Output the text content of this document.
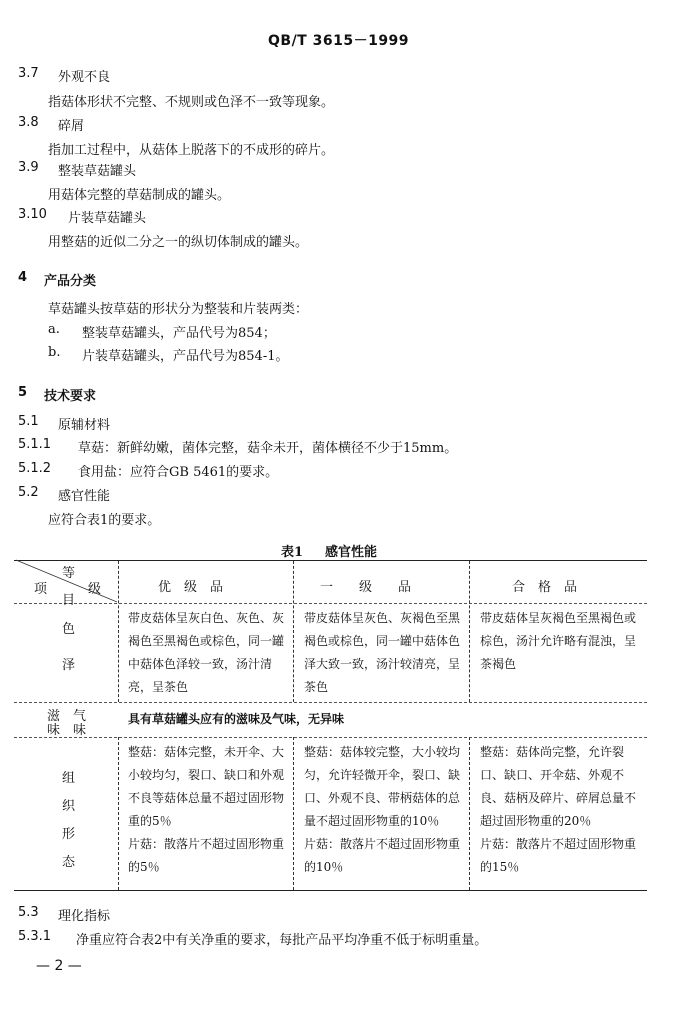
QB/T 3615－1999
3.7 外观不良
指菇体形状不完整、不规则或色泽不一致等现象。
3.8 碎屑
指加工过程中，从菇体上脱落下的不成形的碎片。
3.9 整装草菇罐头
用菇体完整的草菇制成的罐头。
3.10 片装草菇罐头
用整菇的近似二分之一的纵切体制成的罐头。
4 产品分类
草菇罐头按草菇的形状分为整装和片装两类：
a. 整装草菇罐头，产品代号为854；
b. 片装草菇罐头，产品代号为854-1。
5 技术要求
5.1 原辅材料
5.1.1 草菇：新鲜幼嫩，菌体完整，菇伞未开，菌体横径不少于15mm。
5.1.2 食用盐：应符合GB 5461的要求。
5.2 感官性能
应符合表1的要求。
表1 感官性能
等
级
项
目
优　级　品	一　　级　　品	合　格　品
色
泽
带皮菇体呈灰白色、灰色、灰褐色至黑褐色或棕色，同一罐中菇体色泽较一致，汤汁清亮，呈茶色
带皮菇体呈灰色、灰褐色至黑褐色或棕色，同一罐中菇体色泽大致一致，汤汁较清亮，呈茶色
带皮菇体呈灰褐色至黑褐色或棕色，汤汁允许略有混浊，呈茶褐色
滋　气
味　味
具有草菇罐头应有的滋味及气味，无异味
组
织
形
态
整菇：菇体完整，未开伞、大小较均匀，裂口、缺口和外观不良等菇体总量不超过固形物重的5％
片菇：散落片不超过固形物重的5％
整菇：菇体较完整，大小较均匀，允许轻微开伞，裂口、缺口、外观不良、带柄菇体的总量不超过固形物重的10％
片菇：散落片不超过固形物重的10％
整菇：菇体尚完整，允许裂口、缺口、开伞菇、外观不良、菇柄及碎片、碎屑总量不超过固形物重的20％
片菇：散落片不超过固形物重的15％
5.3 理化指标
5.3.1 净重应符合表2中有关净重的要求，每批产品平均净重不低于标明重量。
— 2 —
